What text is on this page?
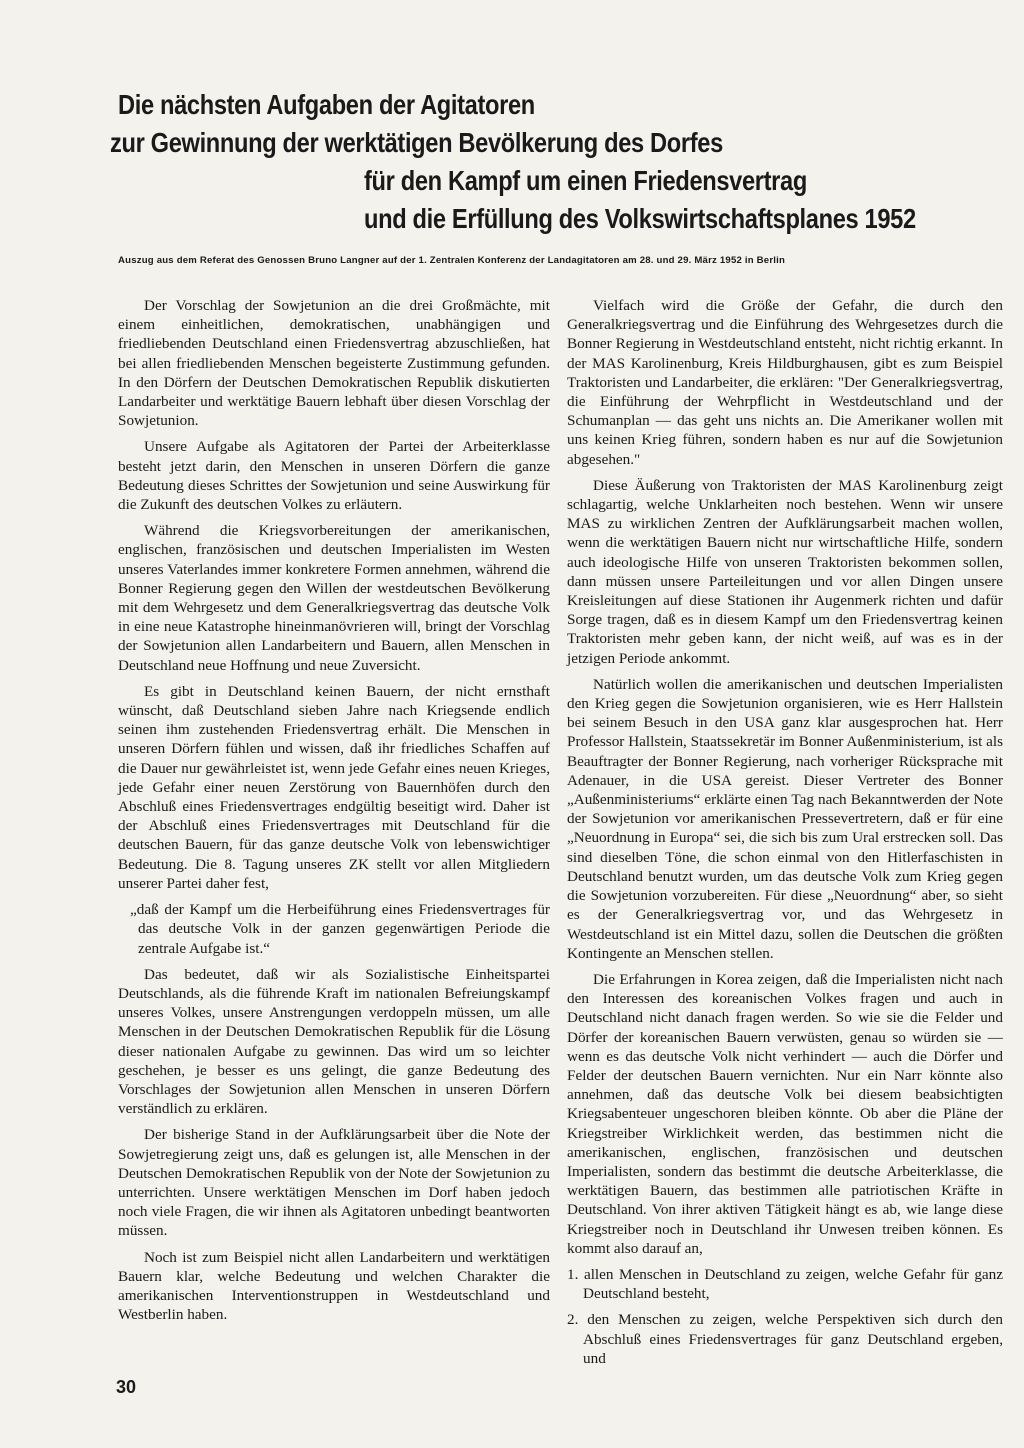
Die nächsten Aufgaben der Agitatoren
zur Gewinnung der werktätigen Bevölkerung des Dorfes
für den Kampf um einen Friedensvertrag
und die Erfüllung des Volkswirtschaftsplanes 1952
Auszug aus dem Referat des Genossen Bruno Langner auf der 1. Zentralen Konferenz der Landagitatoren am 28. und 29. März 1952 in Berlin

Der Vorschlag der Sowjetunion an die drei Großmächte, mit einem einheitlichen, demokratischen, unabhängigen und friedliebenden Deutschland einen Friedensvertrag abzuschließen, hat bei allen friedliebenden Menschen begeisterte Zustimmung gefunden. In den Dörfern der Deutschen Demokratischen Republik diskutierten Landarbeiter und werktätige Bauern lebhaft über diesen Vorschlag der Sowjetunion.

Unsere Aufgabe als Agitatoren der Partei der Arbeiterklasse besteht jetzt darin, den Menschen in unseren Dörfern die ganze Bedeutung dieses Schrittes der Sowjetunion und seine Auswirkung für die Zukunft des deutschen Volkes zu erläutern.

Während die Kriegsvorbereitungen der amerikanischen, englischen, französischen und deutschen Imperialisten im Westen unseres Vaterlandes immer konkretere Formen annehmen, während die Bonner Regierung gegen den Willen der westdeutschen Bevölkerung mit dem Wehrgesetz und dem Generalkriegsvertrag das deutsche Volk in eine neue Katastrophe hineinmanövrieren will, bringt der Vorschlag der Sowjetunion allen Landarbeitern und Bauern, allen Menschen in Deutschland neue Hoffnung und neue Zuversicht.

Es gibt in Deutschland keinen Bauern, der nicht ernsthaft wünscht, daß Deutschland sieben Jahre nach Kriegsende endlich seinen ihm zustehenden Friedensvertrag erhält. Die Menschen in unseren Dörfern fühlen und wissen, daß ihr friedliches Schaffen auf die Dauer nur gewährleistet ist, wenn jede Gefahr eines neuen Krieges, jede Gefahr einer neuen Zerstörung von Bauernhöfen durch den Abschluß eines Friedensvertrages endgültig beseitigt wird. Daher ist der Abschluß eines Friedensvertrages mit Deutschland für die deutschen Bauern, für das ganze deutsche Volk von lebenswichtiger Bedeutung. Die 8. Tagung unseres ZK stellt vor allen Mitgliedern unserer Partei daher fest,

„daß der Kampf um die Herbeiführung eines Friedensvertrages für das deutsche Volk in der ganzen gegenwärtigen Periode die zentrale Aufgabe ist.“

Das bedeutet, daß wir als Sozialistische Einheitspartei Deutschlands, als die führende Kraft im nationalen Befreiungskampf unseres Volkes, unsere Anstrengungen verdoppeln müssen, um alle Menschen in der Deutschen Demokratischen Republik für die Lösung dieser nationalen Aufgabe zu gewinnen. Das wird um so leichter geschehen, je besser es uns gelingt, die ganze Bedeutung des Vorschlages der Sowjetunion allen Menschen in unseren Dörfern verständlich zu erklären.

Der bisherige Stand in der Aufklärungsarbeit über die Note der Sowjetregierung zeigt uns, daß es gelungen ist, alle Menschen in der Deutschen Demokratischen Republik von der Note der Sowjetunion zu unterrichten. Unsere werktätigen Menschen im Dorf haben jedoch noch viele Fragen, die wir ihnen als Agitatoren unbedingt beantworten müssen.

Noch ist zum Beispiel nicht allen Landarbeitern und werktätigen Bauern klar, welche Bedeutung und welchen Charakter die amerikanischen Interventionstruppen in Westdeutschland und Westberlin haben.

Vielfach wird die Größe der Gefahr, die durch den Generalkriegsvertrag und die Einführung des Wehrgesetzes durch die Bonner Regierung in Westdeutschland entsteht, nicht richtig erkannt. In der MAS Karolinenburg, Kreis Hildburghausen, gibt es zum Beispiel Traktoristen und Landarbeiter, die erklären: "Der Generalkriegsvertrag, die Einführung der Wehrpflicht in Westdeutschland und der Schumanplan — das geht uns nichts an. Die Amerikaner wollen mit uns keinen Krieg führen, sondern haben es nur auf die Sowjetunion abgesehen."

Diese Äußerung von Traktoristen der MAS Karolinenburg zeigt schlagartig, welche Unklarheiten noch bestehen. Wenn wir unsere MAS zu wirklichen Zentren der Aufklärungsarbeit machen wollen, wenn die werktätigen Bauern nicht nur wirtschaftliche Hilfe, sondern auch ideologische Hilfe von unseren Traktoristen bekommen sollen, dann müssen unsere Parteileitungen und vor allen Dingen unsere Kreisleitungen auf diese Stationen ihr Augenmerk richten und dafür Sorge tragen, daß es in diesem Kampf um den Friedensvertrag keinen Traktoristen mehr geben kann, der nicht weiß, auf was es in der jetzigen Periode ankommt.

Natürlich wollen die amerikanischen und deutschen Imperialisten den Krieg gegen die Sowjetunion organisieren, wie es Herr Hallstein bei seinem Besuch in den USA ganz klar ausgesprochen hat. Herr Professor Hallstein, Staatssekretär im Bonner Außenministerium, ist als Beauftragter der Bonner Regierung, nach vorheriger Rücksprache mit Adenauer, in die USA gereist. Dieser Vertreter des Bonner „Außenministeriums“ erklärte einen Tag nach Bekanntwerden der Note der Sowjetunion vor amerikanischen Pressevertretern, daß er für eine „Neuordnung in Europa“ sei, die sich bis zum Ural erstrecken soll. Das sind dieselben Töne, die schon einmal von den Hitlerfaschisten in Deutschland benutzt wurden, um das deutsche Volk zum Krieg gegen die Sowjetunion vorzubereiten. Für diese „Neuordnung“ aber, so sieht es der Generalkriegsvertrag vor, und das Wehrgesetz in Westdeutschland ist ein Mittel dazu, sollen die Deutschen die größten Kontingente an Menschen stellen.

Die Erfahrungen in Korea zeigen, daß die Imperialisten nicht nach den Interessen des koreanischen Volkes fragen und auch in Deutschland nicht danach fragen werden. So wie sie die Felder und Dörfer der koreanischen Bauern verwüsten, genau so würden sie — wenn es das deutsche Volk nicht verhindert — auch die Dörfer und Felder der deutschen Bauern vernichten. Nur ein Narr könnte also annehmen, daß das deutsche Volk bei diesem beabsichtigten Kriegsabenteuer ungeschoren bleiben könnte. Ob aber die Pläne der Kriegstreiber Wirklichkeit werden, das bestimmen nicht die amerikanischen, englischen, französischen und deutschen Imperialisten, sondern das bestimmt die deutsche Arbeiterklasse, die werktätigen Bauern, das bestimmen alle patriotischen Kräfte in Deutschland. Von ihrer aktiven Tätigkeit hängt es ab, wie lange diese Kriegstreiber noch in Deutschland ihr Unwesen treiben können. Es kommt also darauf an,

1. allen Menschen in Deutschland zu zeigen, welche Gefahr für ganz Deutschland besteht,

2. den Menschen zu zeigen, welche Perspektiven sich durch den Abschluß eines Friedensvertrages für ganz Deutschland ergeben, und

30
